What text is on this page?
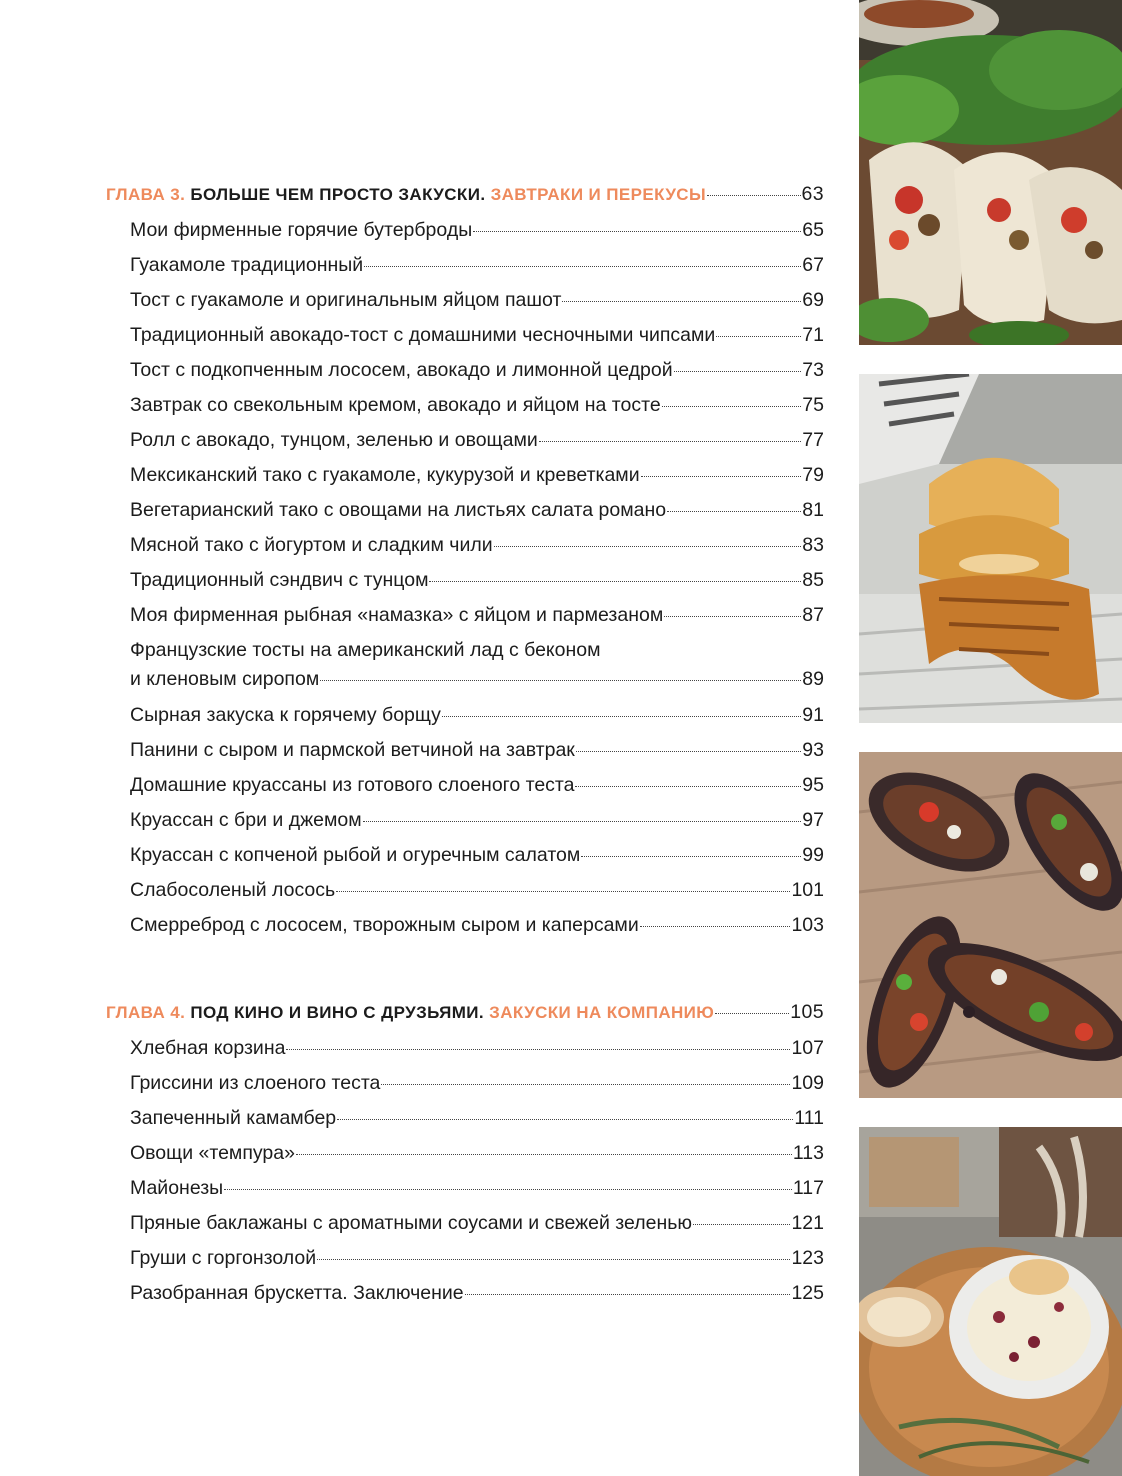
ГЛАВА 3.
БОЛЬШЕ ЧЕМ ПРОСТО ЗАКУСКИ.
ЗАВТРАКИ И ПЕРЕКУСЫ	63
Мои фирменные горячие бутерброды	65
Гуакамоле традиционный	67
Тост с гуакамоле и оригинальным яйцом пашот	69
Традиционный авокадо-тост с домашними чесночными чипсами	71
Тост с подкопченным лососем, авокадо и лимонной цедрой	73
Завтрак со свекольным кремом, авокадо и яйцом на тосте	75
Ролл с авокадо, тунцом, зеленью и овощами	77
Мексиканский тако с гуакамоле, кукурузой и креветками	79
Вегетарианский тако с овощами на листьях салата романо	81
Мясной тако с йогуртом и сладким чили	83
Традиционный сэндвич с тунцом	85
Моя фирменная рыбная «намазка» с яйцом и пармезаном	87
Французские тосты на американский лад с беконом
и кленовым сиропом	89
Сырная закуска к горячему борщу	91
Панини с сыром и пармской ветчиной на завтрак	93
Домашние круассаны из готового слоеного теста	95
Круассан с бри и джемом	97
Круассан с копченой рыбой и огуречным салатом	99
Слабосоленый лосось	101
Смерреброд с лососем, творожным сыром и каперсами	103
ГЛАВА 4.
ПОД КИНО И ВИНО С ДРУЗЬЯМИ.
ЗАКУСКИ НА КОМПАНИЮ	105
Хлебная корзина	107
Гриссини из слоеного теста	109
Запеченный камамбер	111
Овощи «темпура»	113
Майонезы	117
Пряные баклажаны с ароматными соусами и свежей зеленью	121
Груши с горгонзолой	123
Разобранная брускетта. Заключение	125
